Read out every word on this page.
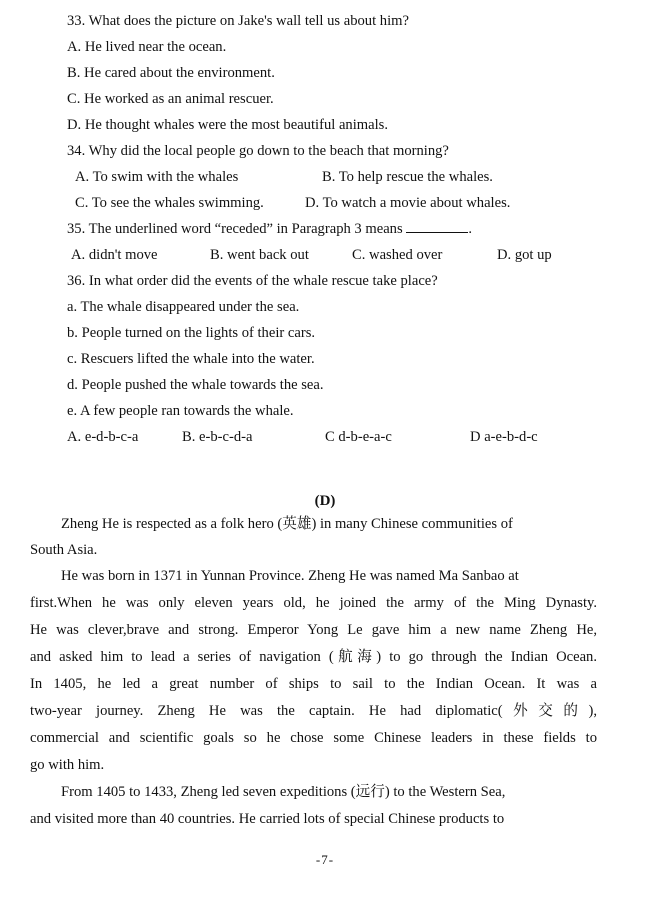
33. What does the picture on Jake's wall tell us about him?
A. He lived near the ocean.
B. He cared about the environment.
C. He worked as an animal rescuer.
D. He thought whales were the most beautiful animals.
34. Why did the local people go down to the beach that morning?
A. To swim with the whales	B. To help rescue the whales.
C. To see the whales swimming.	D. To watch a movie about whales.
35. The underlined word “receded” in Paragraph 3 means	.
A. didn't move	B. went back out	C. washed over	D. got up
36. In what order did the events of the whale rescue take place?
a. The whale disappeared under the sea.
b. People turned on the lights of their cars.
c. Rescuers lifted the whale into the water.
d. People pushed the whale towards the sea.
e. A few people ran towards the whale.
A. e-d-b-c-a	B. e-b-c-d-a	C d-b-e-a-c	D a-e-b-d-c
(D)
Zheng He is respected as a folk hero (英雄) in many Chinese communities of
South Asia.
He was born in 1371 in Yunnan Province. Zheng He was named Ma Sanbao at
first.When he was only eleven years old, he joined the army of the Ming Dynasty.
He was clever,brave and strong. Emperor Yong Le gave him a new name Zheng He,
and asked him to lead a series of navigation (航海) to go through the Indian Ocean.
In 1405, he led a great number of ships to sail to the Indian Ocean. It was a
two-year journey. Zheng He was the captain. He had diplomatic(外交的),
commercial and scientific goals so he chose some Chinese leaders in these fields to
go with him.
From 1405 to 1433, Zheng led seven expeditions (远行) to the Western Sea,
and visited more than 40 countries. He carried lots of special Chinese products to
-7-
